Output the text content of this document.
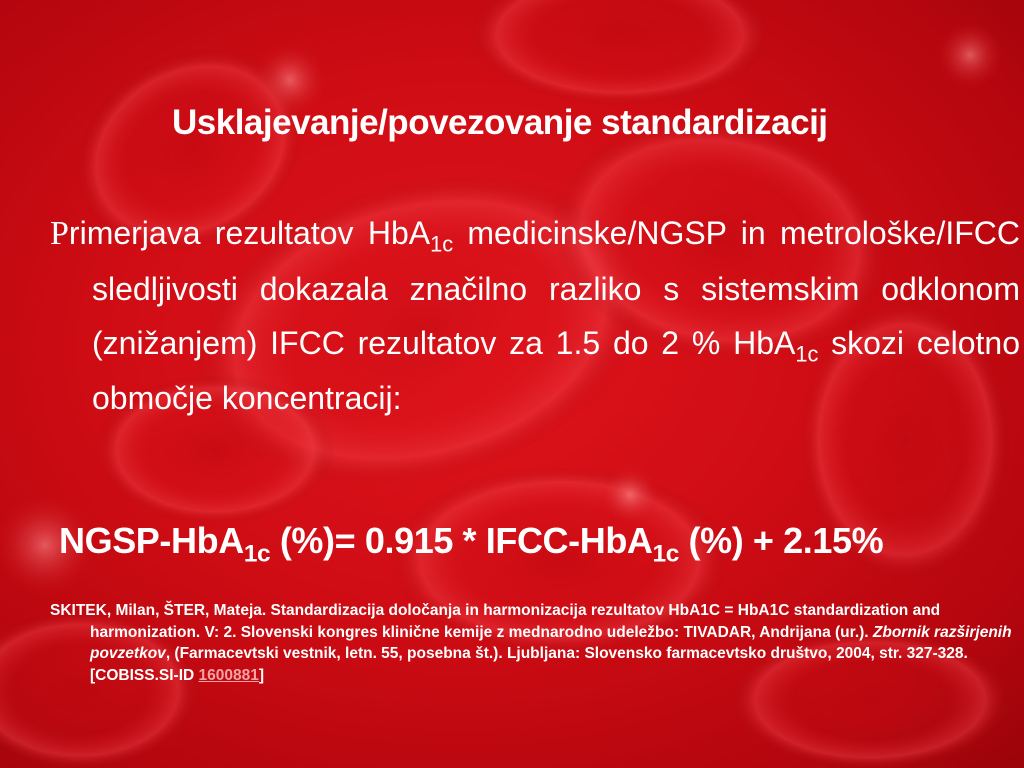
Usklajevanje/povezovanje standardizacij

Primerjava rezultatov HbA$_{1c}$ medicinske/NGSP in metrološke/IFCC sledljivosti dokazala značilno razliko s sistemskim odklonom (znižanjem) IFCC rezultatov za 1.5 do 2 % HbA$_{1c}$ skozi celotno območje koncentracij:

NGSP-HbA$_{1c}$ (%)= 0.915 * IFCC-HbA$_{1c}$ (%) + 2.15%

SKITEK, Milan, ŠTER, Mateja. Standardizacija določanja in harmonizacija rezultatov HbA1C = HbA1C standardization and harmonization. V: 2. Slovenski kongres klinične kemije z mednarodno udeležbo: TIVADAR, Andrijana (ur.). Zbornik razširjenih povzetkov, (Farmacevtski vestnik, letn. 55, posebna št.). Ljubljana: Slovensko farmacevtsko društvo, 2004, str. 327-328. [COBISS.SI-ID 1600881]
